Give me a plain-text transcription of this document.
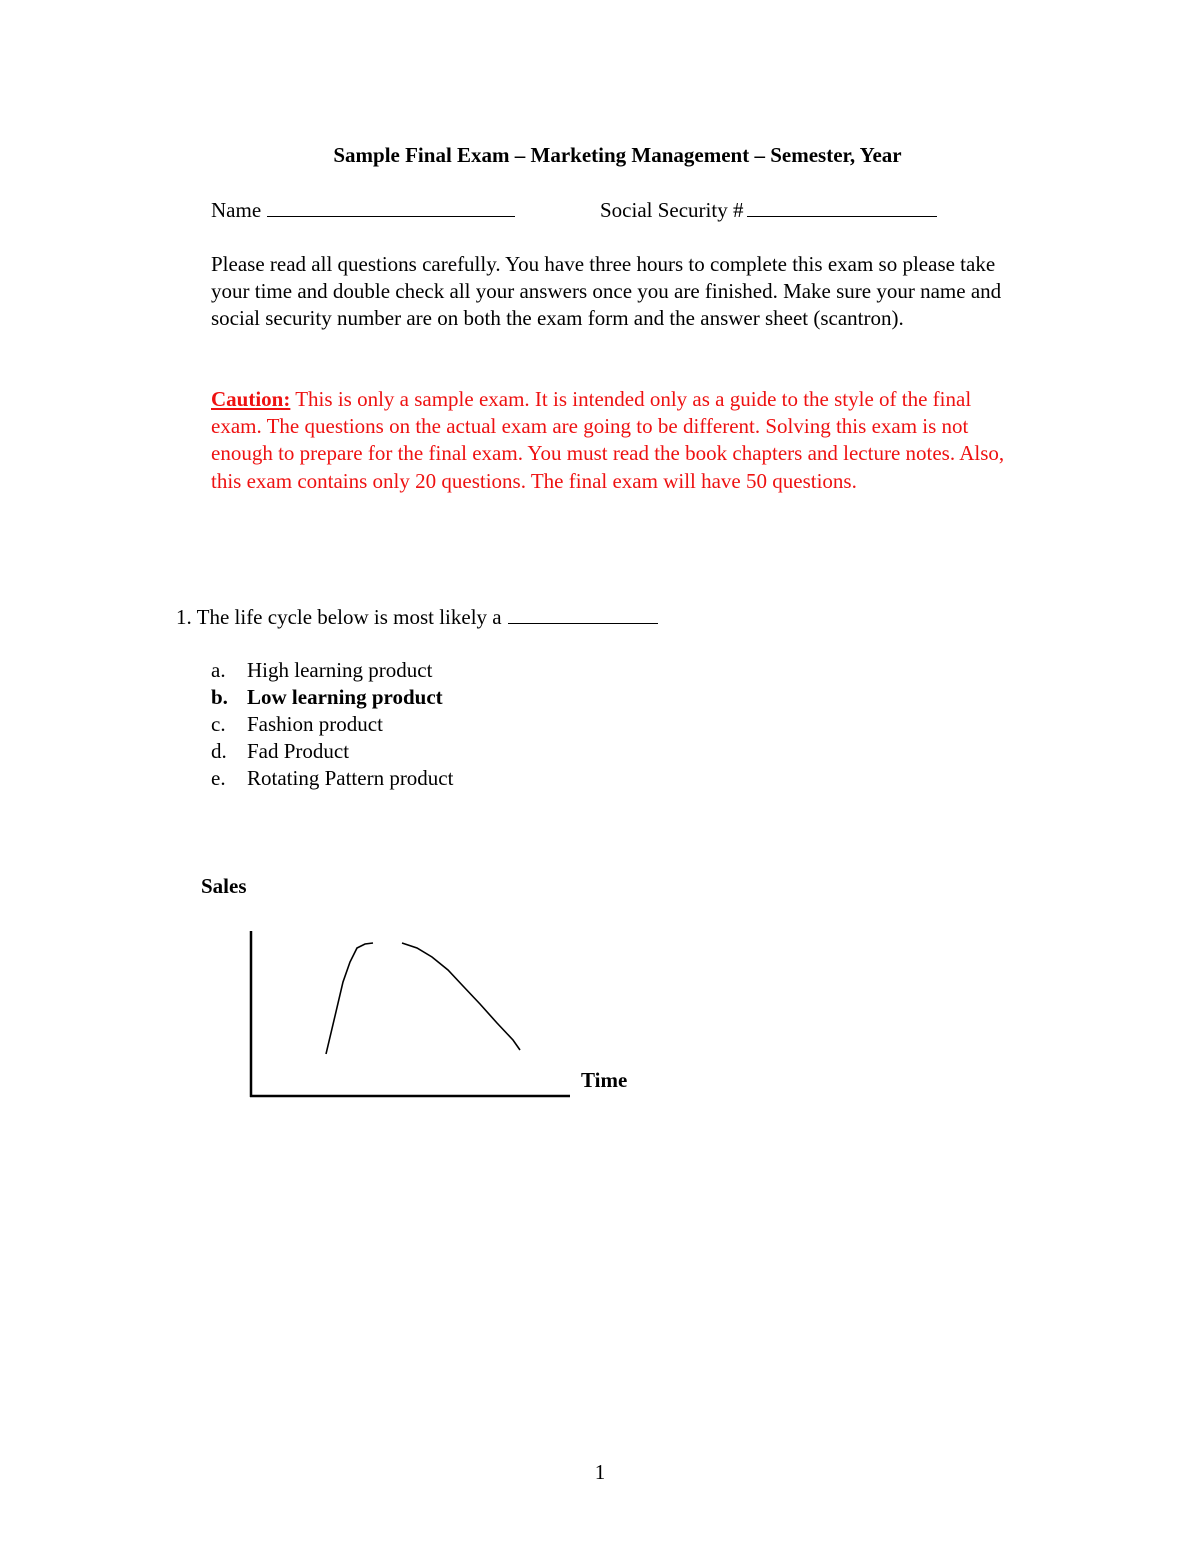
Sample Final Exam – Marketing Management – Semester, Year
Name	Social Security #
Please read all questions carefully. You have three hours to complete this exam so please take your time and double check all your answers once you are finished. Make sure your name and social security number are on both the exam form and the answer sheet (scantron).
Caution: This is only a sample exam. It is intended only as a guide to the style of the final exam. The questions on the actual exam are going to be different. Solving this exam is not enough to prepare for the final exam. You must read the book chapters and lecture notes. Also, this exam contains only 20 questions. The final exam will have 50 questions.
1. The life cycle below is most likely a
a.	High learning product
b. Low learning product
c.	Fashion product
d. Fad Product
e.	Rotating Pattern product
Sales
Time
1
